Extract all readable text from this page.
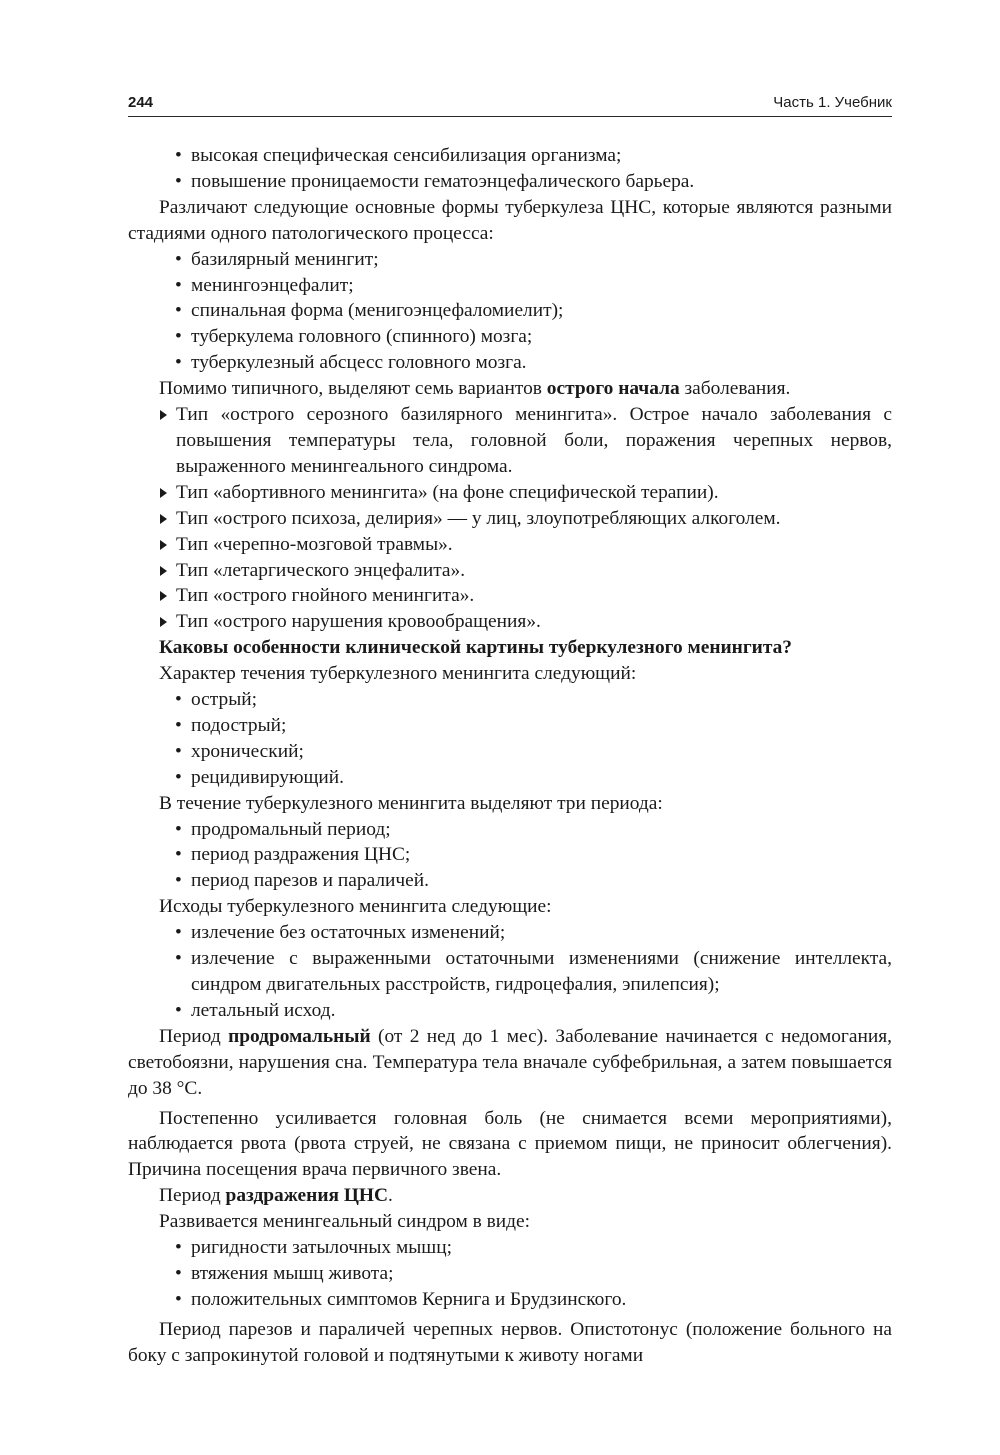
244	Часть 1. Учебник
• высокая специфическая сенсибилизация организма;
• повышение проницаемости гематоэнцефалического барьера.

Различают следующие основные формы туберкулеза ЦНС, которые являются разными стадиями одного патологического процесса:

• базилярный менингит;
• менингоэнцефалит;
• спинальная форма (менигоэнцефаломиелит);
• туберкулема головного (спинного) мозга;
• туберкулезный абсцесс головного мозга.

Помимо типичного, выделяют семь вариантов острого начала заболевания.

Тип «острого серозного базилярного менингита». Острое начало заболевания с повышения температуры тела, головной боли, поражения черепных нервов, выраженного менингеального синдрома.
Тип «абортивного менингита» (на фоне специфической терапии).
Тип «острого психоза, делирия» — у лиц, злоупотребляющих алкоголем.
Тип «черепно-мозговой травмы».
Тип «летаргического энцефалита».
Тип «острого гнойного менингита».
Тип «острого нарушения кровообращения».

Каковы особенности клинической картины туберкулезного менингита?

Характер течения туберкулезного менингита следующий:

• острый;
• подострый;
• хронический;
• рецидивирующий.

В течение туберкулезного менингита выделяют три периода:

• продромальный период;
• период раздражения ЦНС;
• период парезов и параличей.

Исходы туберкулезного менингита следующие:

• излечение без остаточных изменений;
• излечение с выраженными остаточными изменениями (снижение интеллекта, синдром двигательных расстройств, гидроцефалия, эпилепсия);
• летальный исход.

Период продромальный (от 2 нед до 1 мес). Заболевание начинается с недомогания, светобоязни, нарушения сна. Температура тела вначале субфебрильная, а затем повышается до 38 °С.

Постепенно усиливается головная боль (не снимается всеми мероприятиями), наблюдается рвота (рвота струей, не связана с приемом пищи, не приносит облегчения). Причина посещения врача первичного звена.

Период раздражения ЦНС.

Развивается менингеальный синдром в виде:

• ригидности затылочных мышц;
• втяжения мышц живота;
• положительных симптомов Кернига и Брудзинского.

Период парезов и параличей черепных нервов. Опистотонус (положение больного на боку с запрокинутой головой и подтянутыми к животу ногами
